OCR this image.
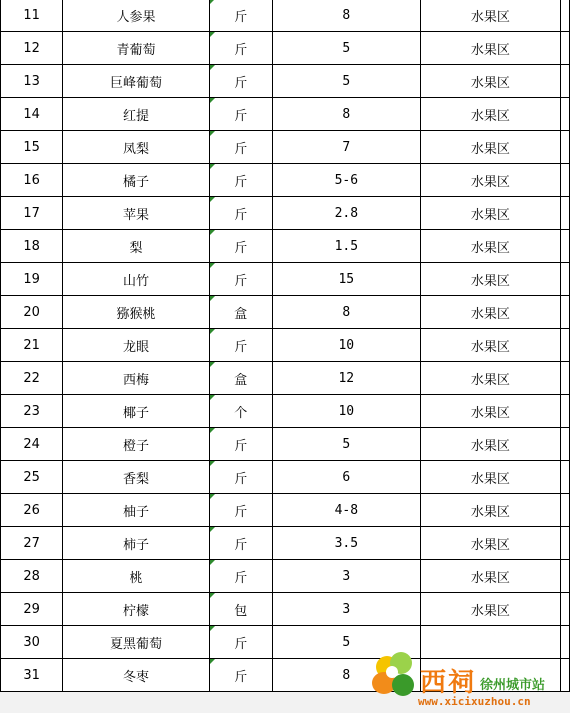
11	人参果	斤	8	水果区	
12	青葡萄	斤	5	水果区	
13	巨峰葡萄	斤	5	水果区	
14	红提	斤	8	水果区	
15	凤梨	斤	7	水果区	
16	橘子	斤	5-6	水果区	
17	苹果	斤	2.8	水果区	
18	梨	斤	1.5	水果区	
19	山竹	斤	15	水果区	
20	猕猴桃	盒	8	水果区	
21	龙眼	斤	10	水果区	
22	西梅	盒	12	水果区	
23	椰子	个	10	水果区	
24	橙子	斤	5	水果区	
25	香梨	斤	6	水果区	
26	柚子	斤	4-8	水果区	
27	柿子	斤	3.5	水果区	
28	桃	斤	3	水果区	
29	柠檬	包	3	水果区	
30	夏黑葡萄	斤	5		
31	冬枣	斤	8			西祠 徐州城市站
www.xicixuzhou.cn
